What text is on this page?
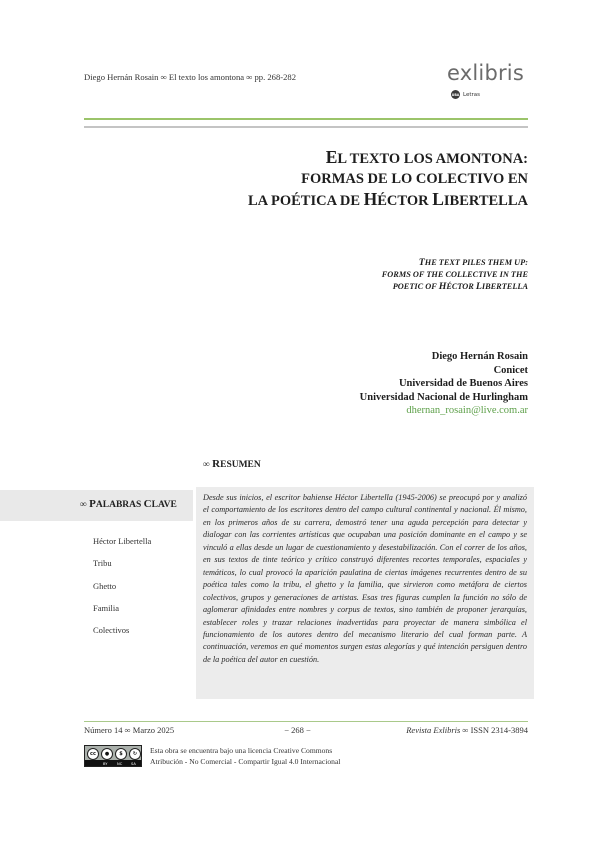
Diego Hernán Rosain ∞ El texto los amontona ∞ pp. 268-282	exlibris
UBA Letras
EL TEXTO LOS AMONTONA:
FORMAS DE LO COLECTIVO EN
LA POÉTICA DE HÉCTOR LIBERTELLA
THE TEXT PILES THEM UP:
FORMS OF THE COLLECTIVE IN THE
POETIC OF HÉCTOR LIBERTELLA
Diego Hernán Rosain
Conicet
Universidad de Buenos Aires
Universidad Nacional de Hurlingham
dhernan_rosain@live.com.ar
∞ RESUMEN
∞ PALABRAS CLAVE
Héctor Libertella
Tribu
Ghetto
Familia
Colectivos

Desde sus inicios, el escritor bahiense Héctor Libertella (1945-2006) se preocupó por y analizó el comportamiento de los escritores dentro del campo cultural continental y nacional. Él mismo, en los primeros años de su carrera, demostró tener una aguda percepción para detectar y dialogar con las corrientes artísticas que ocupaban una posición dominante en el campo y se vinculó a ellas desde un lugar de cuestionamiento y desestabilización. Con el correr de los años, en sus textos de tinte teórico y crítico construyó diferentes recortes temporales, espaciales y temáticos, lo cual provocó la aparición paulatina de ciertas imágenes recurrentes dentro de su poética tales como la tribu, el ghetto y la familia, que sirvieron como metáfora de ciertos colectivos, grupos y generaciones de artistas. Esas tres figuras cumplen la función no sólo de aglomerar afinidades entre nombres y corpus de textos, sino también de proponer jerarquías, establecer roles y trazar relaciones inadvertidas para proyectar de manera simbólica el funcionamiento de los autores dentro del mecanismo literario del cual forman parte. A continuación, veremos en qué momentos surgen estas alegorías y qué intención persiguen dentro de la poética del autor en cuestión.

Número 14 ∞ Marzo 2025	− 268 −	Revista Exlibris ∞ ISSN 2314-3894
cc	●	$	↻
BY	NC SA
Esta obra se encuentra bajo una licencia Creative Commons
Atribución - No Comercial - Compartir Igual 4.0 Internacional
